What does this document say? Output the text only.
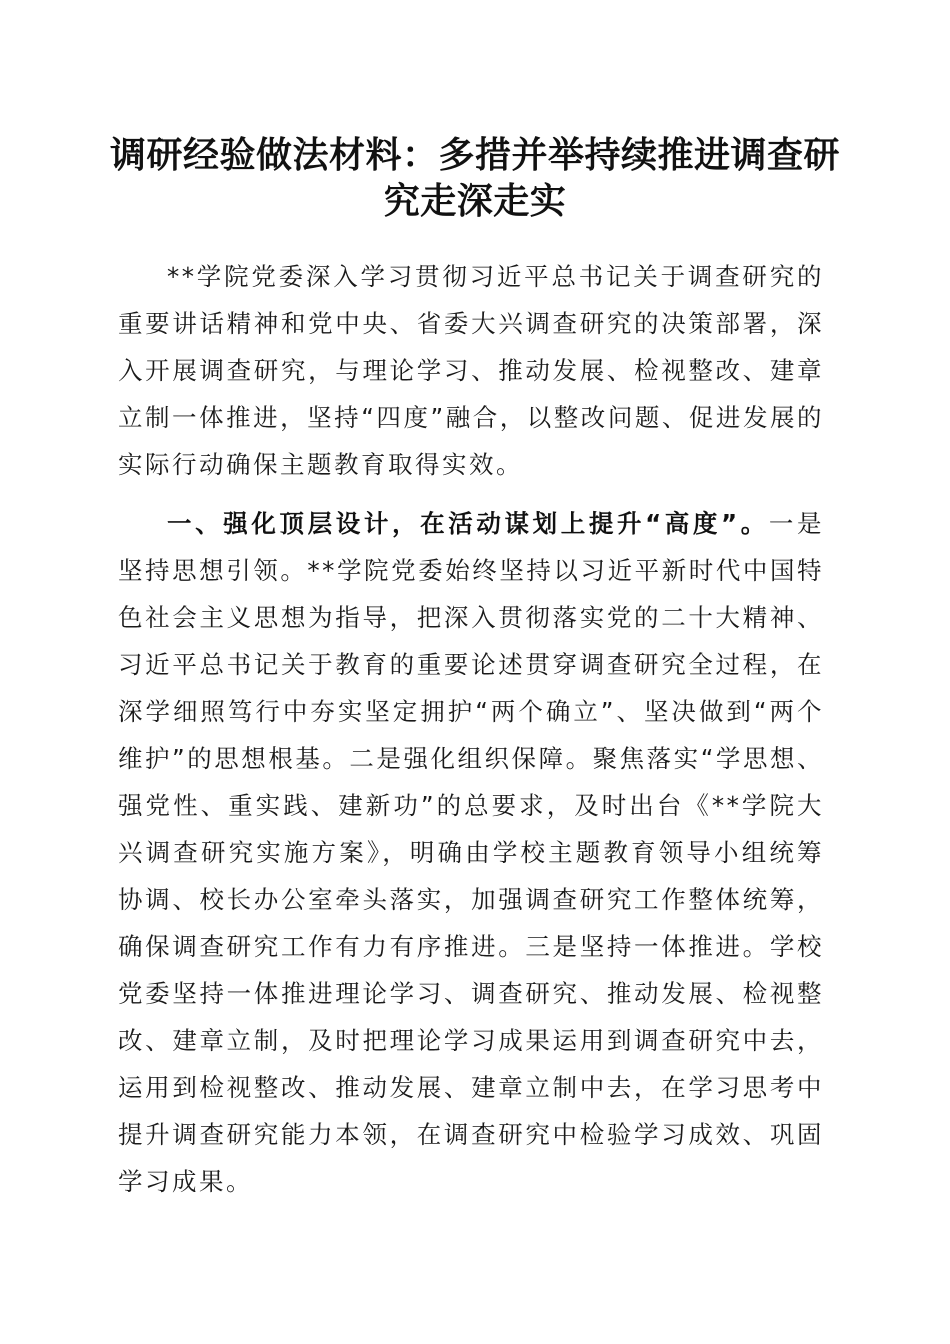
调研经验做法材料：多措并举持续推进调查研究走深走实

**学院党委深入学习贯彻习近平总书记关于调查研究的重要讲话精神和党中央、省委大兴调查研究的决策部署，深入开展调查研究，与理论学习、推动发展、检视整改、建章立制一体推进，坚持“四度”融合，以整改问题、促进发展的实际行动确保主题教育取得实效。

一、强化顶层设计，在活动谋划上提升“高度”。一是坚持思想引领。**学院党委始终坚持以习近平新时代中国特色社会主义思想为指导，把深入贯彻落实党的二十大精神、习近平总书记关于教育的重要论述贯穿调查研究全过程，在深学细照笃行中夯实坚定拥护“两个确立”、坚决做到“两个维护”的思想根基。二是强化组织保障。聚焦落实“学思想、强党性、重实践、建新功”的总要求，及时出台《**学院大兴调查研究实施方案》，明确由学校主题教育领导小组统筹协调、校长办公室牵头落实，加强调查研究工作整体统筹，确保调查研究工作有力有序推进。三是坚持一体推进。学校党委坚持一体推进理论学习、调查研究、推动发展、检视整改、建章立制，及时把理论学习成果运用到调查研究中去，运用到检视整改、推动发展、建章立制中去，在学习思考中提升调查研究能力本领，在调查研究中检验学习成效、巩固学习成果。
